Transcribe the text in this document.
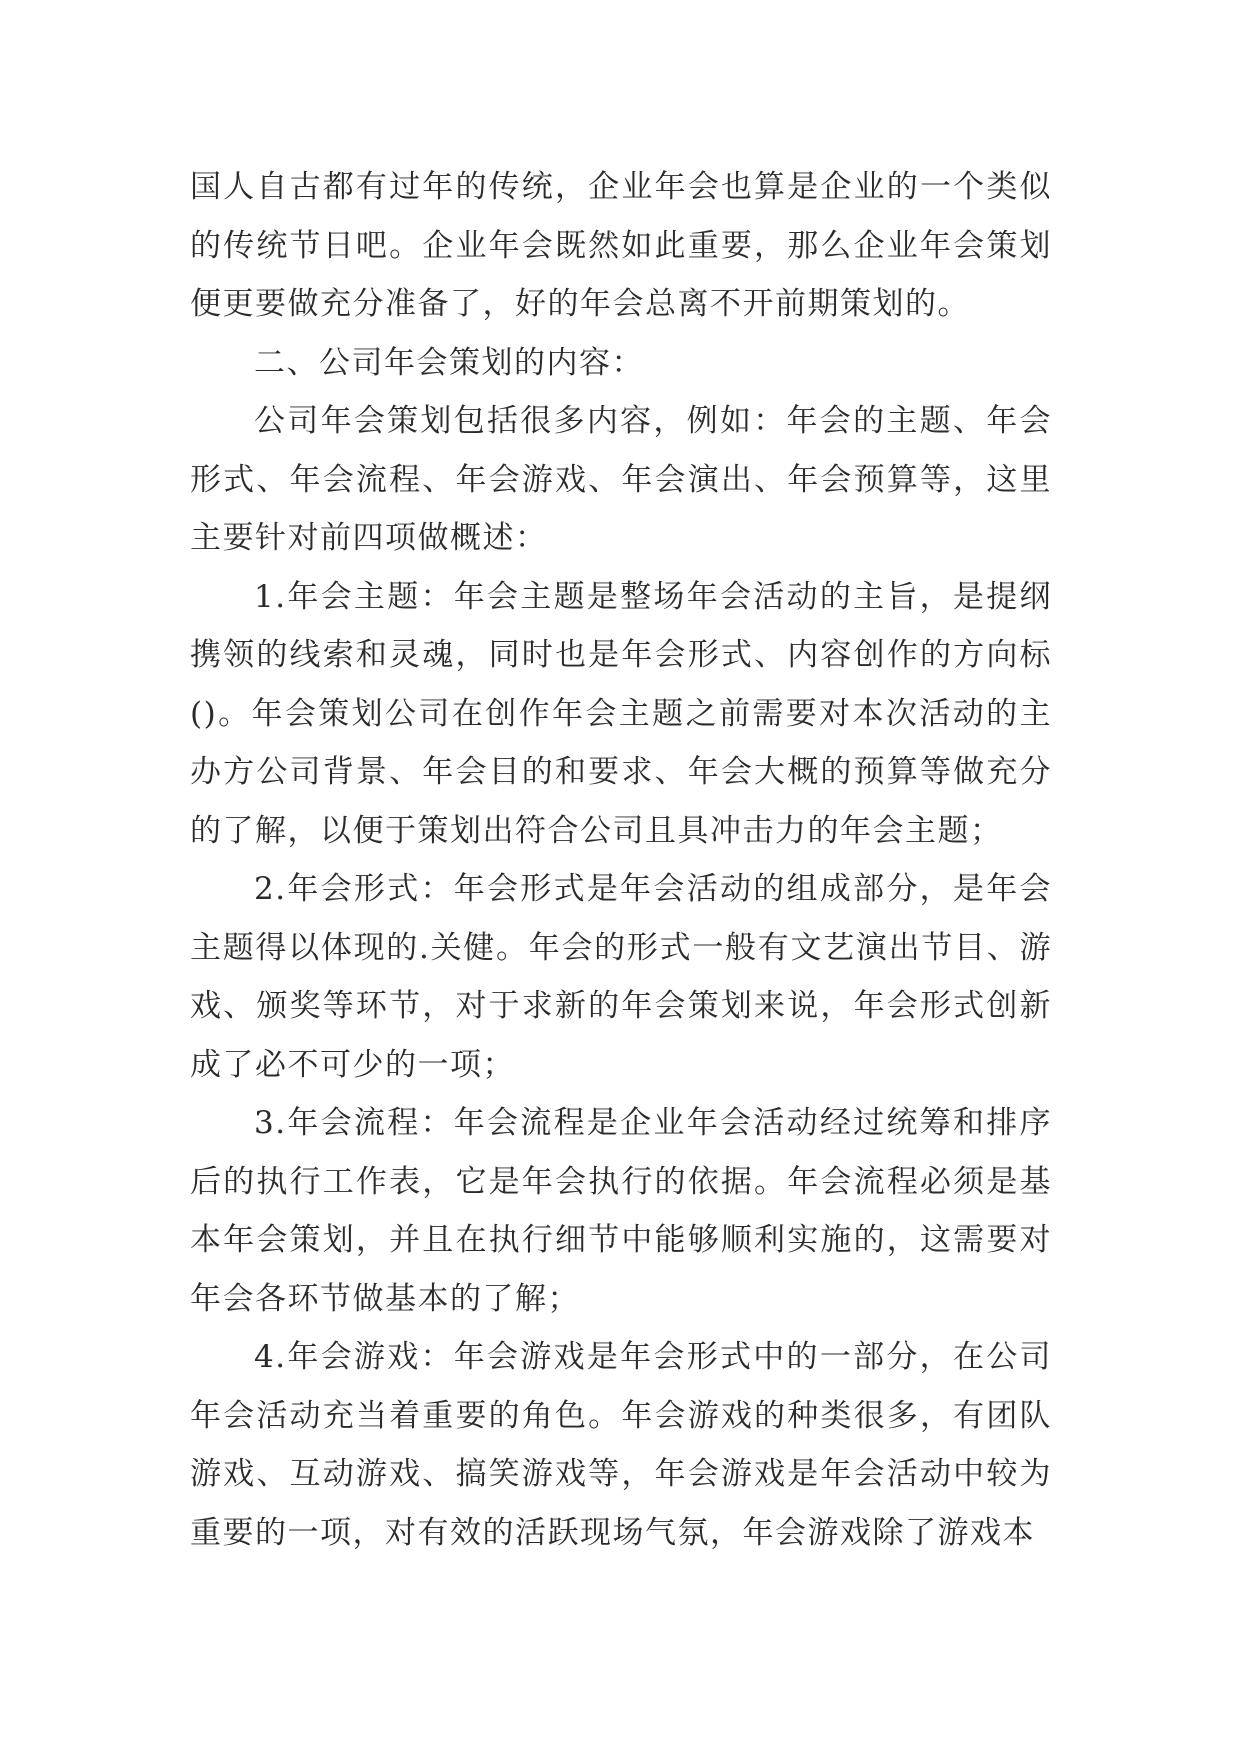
国人自古都有过年的传统，企业年会也算是企业的一个类似的传统节日吧。企业年会既然如此重要，那么企业年会策划便更要做充分准备了，好的年会总离不开前期策划的。

二、公司年会策划的内容：

公司年会策划包括很多内容，例如：年会的主题、年会形式、年会流程、年会游戏、年会演出、年会预算等，这里主要针对前四项做概述：

1.年会主题：年会主题是整场年会活动的主旨，是提纲携领的线索和灵魂，同时也是年会形式、内容创作的方向标()。年会策划公司在创作年会主题之前需要对本次活动的主办方公司背景、年会目的和要求、年会大概的预算等做充分的了解，以便于策划出符合公司且具冲击力的年会主题；

2.年会形式：年会形式是年会活动的组成部分，是年会主题得以体现的.关健。年会的形式一般有文艺演出节目、游戏、颁奖等环节，对于求新的年会策划来说，年会形式创新成了必不可少的一项；

3.年会流程：年会流程是企业年会活动经过统筹和排序后的执行工作表，它是年会执行的依据。年会流程必须是基本年会策划，并且在执行细节中能够顺利实施的，这需要对年会各环节做基本的了解；

4.年会游戏：年会游戏是年会形式中的一部分，在公司年会活动充当着重要的角色。年会游戏的种类很多，有团队游戏、互动游戏、搞笑游戏等，年会游戏是年会活动中较为重要的一项，对有效的活跃现场气氛，年会游戏除了游戏本
